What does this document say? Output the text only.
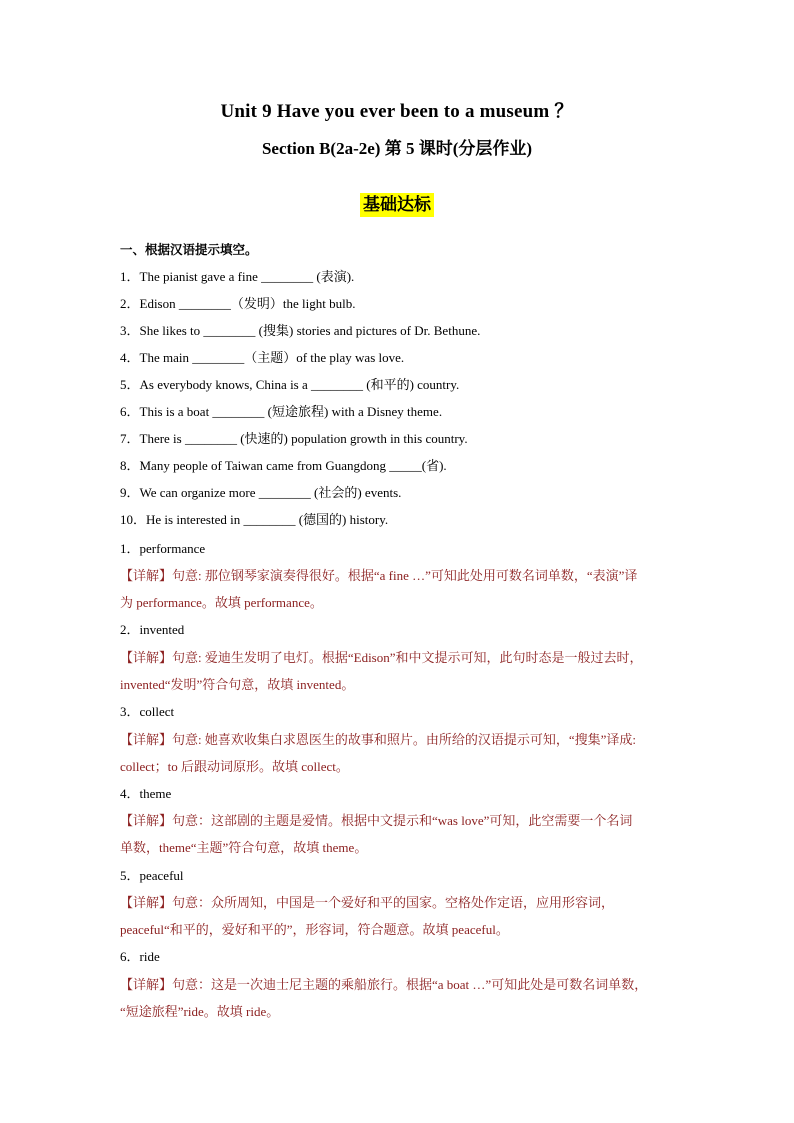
Unit 9 Have you ever been to a museum ？
Section B(2a-2e) 第 5 课时(分层作业)
基础达标
一、根据汉语提示填空。
1．The pianist gave a fine ________ (表演).
2．Edison ________（发明）the light bulb.
3．She likes to ________ (搜集) stories and pictures of Dr. Bethune.
4．The main ________（主题）of the play was love.
5．As everybody knows, China is a ________ (和平的) country.
6．This is a boat ________ (短途旅程) with a Disney theme.
7．There is ________ (快速的) population growth in this country.
8．Many people of Taiwan came from Guangdong _____(省).
9．We can organize more ________ (社会的) events.
10．He is interested in ________ (德国的) history.
1．performance
【详解】句意: 那位钢琴家演奏得很好。根据“a fine …”可知此处用可数名词单数，“表演”译
为 performance。故填 performance。
2．invented
【详解】句意: 爱迪生发明了电灯。根据“Edison”和中文提示可知，此句时态是一般过去时，
invented“发明”符合句意，故填 invented。
3．collect
【详解】句意: 她喜欢收集白求恩医生的故事和照片。由所给的汉语提示可知，“搜集”译成:
collect；to 后跟动词原形。故填 collect。
4．theme
【详解】句意：这部剧的主题是爱情。根据中文提示和“was love”可知，此空需要一个名词
单数，theme“主题”符合句意，故填 theme。
5．peaceful
【详解】句意：众所周知，中国是一个爱好和平的国家。空格处作定语，应用形容词，
peaceful“和平的，爱好和平的”，形容词，符合题意。故填 peaceful。
6．ride
【详解】句意：这是一次迪士尼主题的乘船旅行。根据“a boat …”可知此处是可数名词单数，
“短途旅程”ride。故填 ride。
